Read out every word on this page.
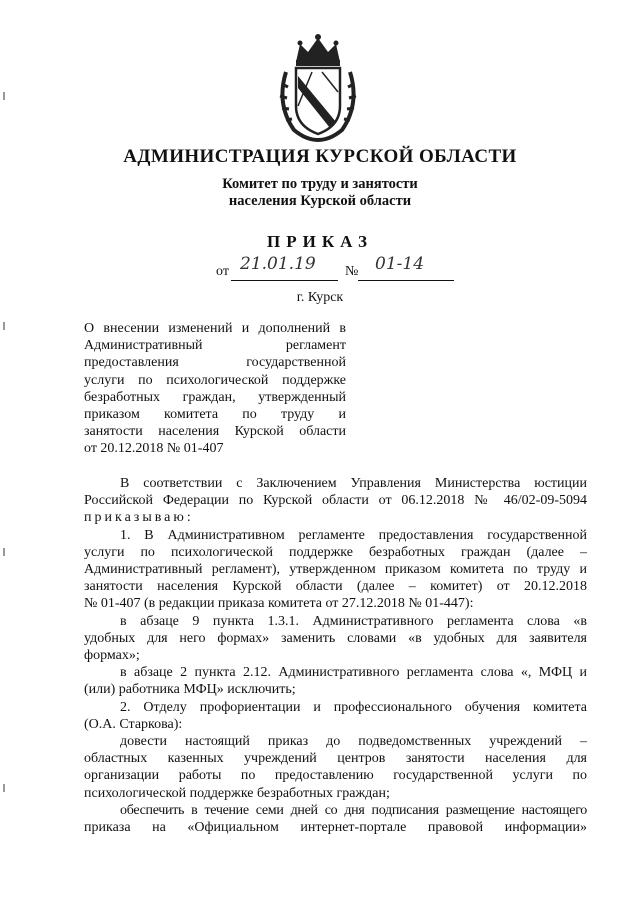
АДМИНИСТРАЦИЯ КУРСКОЙ ОБЛАСТИ
Комитет по труду и занятости
населения Курской области
ПРИКАЗ
от	№
21.01.19	01-14
г. Курск
О внесении изменений и дополнений в
Административный регламент
предоставления государственной
услуги по психологической поддержке
безработных граждан, утвержденный
приказом комитета по труду и
занятости населения Курской области
от 20.12.2018 № 01-407
В соответствии с Заключением Управления Министерства юстиции
Российской Федерации по Курской области от 06.12.2018 № 46/02-09-5094
приказываю:
1. В Административном регламенте предоставления государственной
услуги по психологической поддержке безработных граждан (далее –
Административный регламент), утвержденном приказом комитета по труду и
занятости населения Курской области (далее – комитет) от 20.12.2018
№ 01-407 (в редакции приказа комитета от 27.12.2018 № 01-447):
в абзаце 9 пункта 1.3.1. Административного регламента слова «в
удобных для него формах» заменить словами «в удобных для заявителя
формах»;
в абзаце 2 пункта 2.12. Административного регламента слова «, МФЦ и
(или) работника МФЦ» исключить;
2. Отделу профориентации и профессионального обучения комитета
(О.А. Старкова):
довести настоящий приказ до подведомственных учреждений –
областных казенных учреждений центров занятости населения для
организации работы по предоставлению государственной услуги по
психологической поддержке безработных граждан;
обеспечить в течение семи дней со дня подписания размещение настоящего
приказа на «Официальном интернет-портале правовой информации»
